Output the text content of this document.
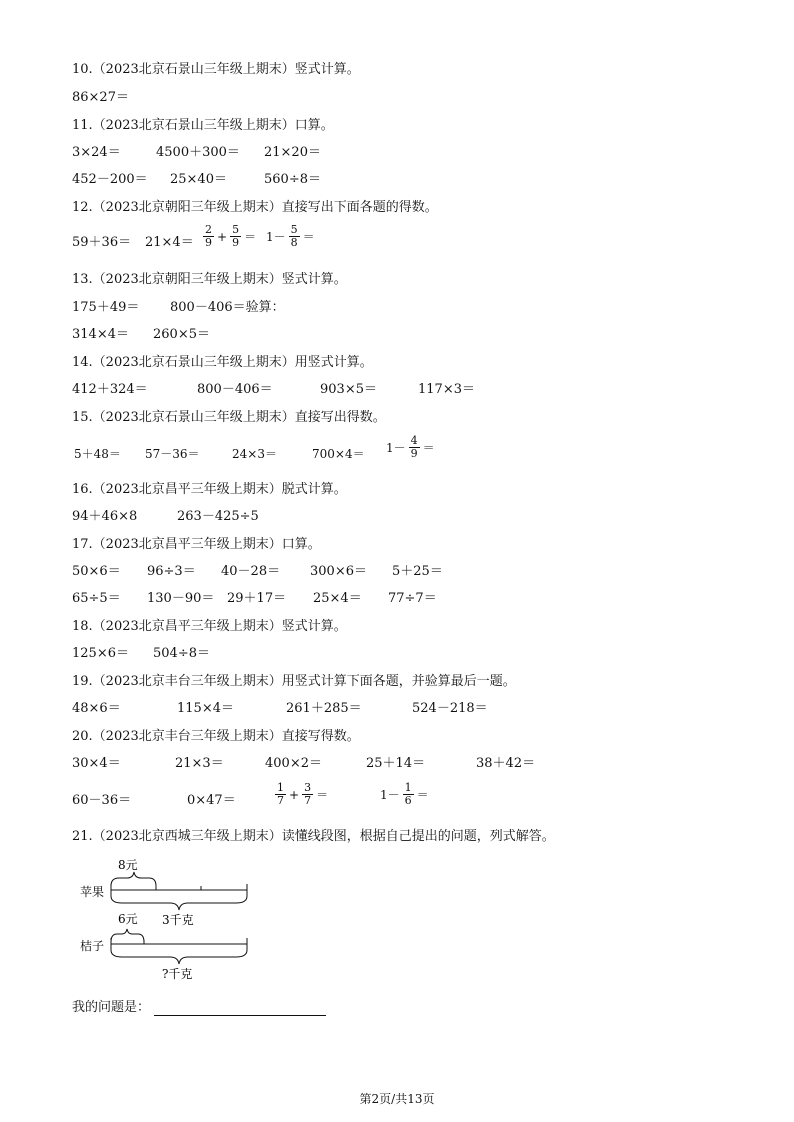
10.（2023北京石景山三年级上期末）竖式计算。
86×27＝
11.（2023北京石景山三年级上期末）口算。
3×24＝	4500＋300＝ 21×20＝
452－200＝ 25×40＝	560÷8＝
12.（2023北京朝阳三年级上期末）直接写出下面各题的得数。
$59+36= 21\times 4= \frac{2}{9} + \frac{5}{9} = 1- \frac{5}{8}$ ＝
13.（2023北京朝阳三年级上期末）竖式计算。
175＋49＝ 800－406＝验算：
314×4＝ 260×5＝
14.（2023北京石景山三年级上期末）用竖式计算。
412＋324＝	800－406＝	903×5＝	117×3＝
15.（2023北京石景山三年级上期末）直接写出得数。
5＋48＝ 57－36＝	24×3＝	$700\times 4= 1- \frac{4}{9}$ ＝
16.（2023北京昌平三年级上期末）脱式计算。
94＋46×8	263－425÷5
17.（2023北京昌平三年级上期末）口算。
50×6＝ 96÷3＝ 40－28＝ 300×6＝ 5＋25＝
65÷5＝ 130－90＝ 29＋17＝ 25×4＝ 77÷7＝
18.（2023北京昌平三年级上期末）竖式计算。
125×6＝ 504÷8＝
19.（2023北京丰台三年级上期末）用竖式计算下面各题，并验算最后一题。
48×6＝	115×4＝	261＋285＝	524－218＝
20.（2023北京丰台三年级上期末）直接写得数。
30×4＝	21×3＝	400×2＝	25＋14＝	38＋42＝
60－36＝	0×47＝	$\frac{1}{7} + \frac{3}{7}$ ＝	$1- \frac{1}{6}$ ＝
21.（2023北京西城三年级上期末）读懂线段图，根据自己提出的问题，列式解答。
8元
苹果
3千克
6元
桔子
?千克
我的问题是：
第2页/共13页
